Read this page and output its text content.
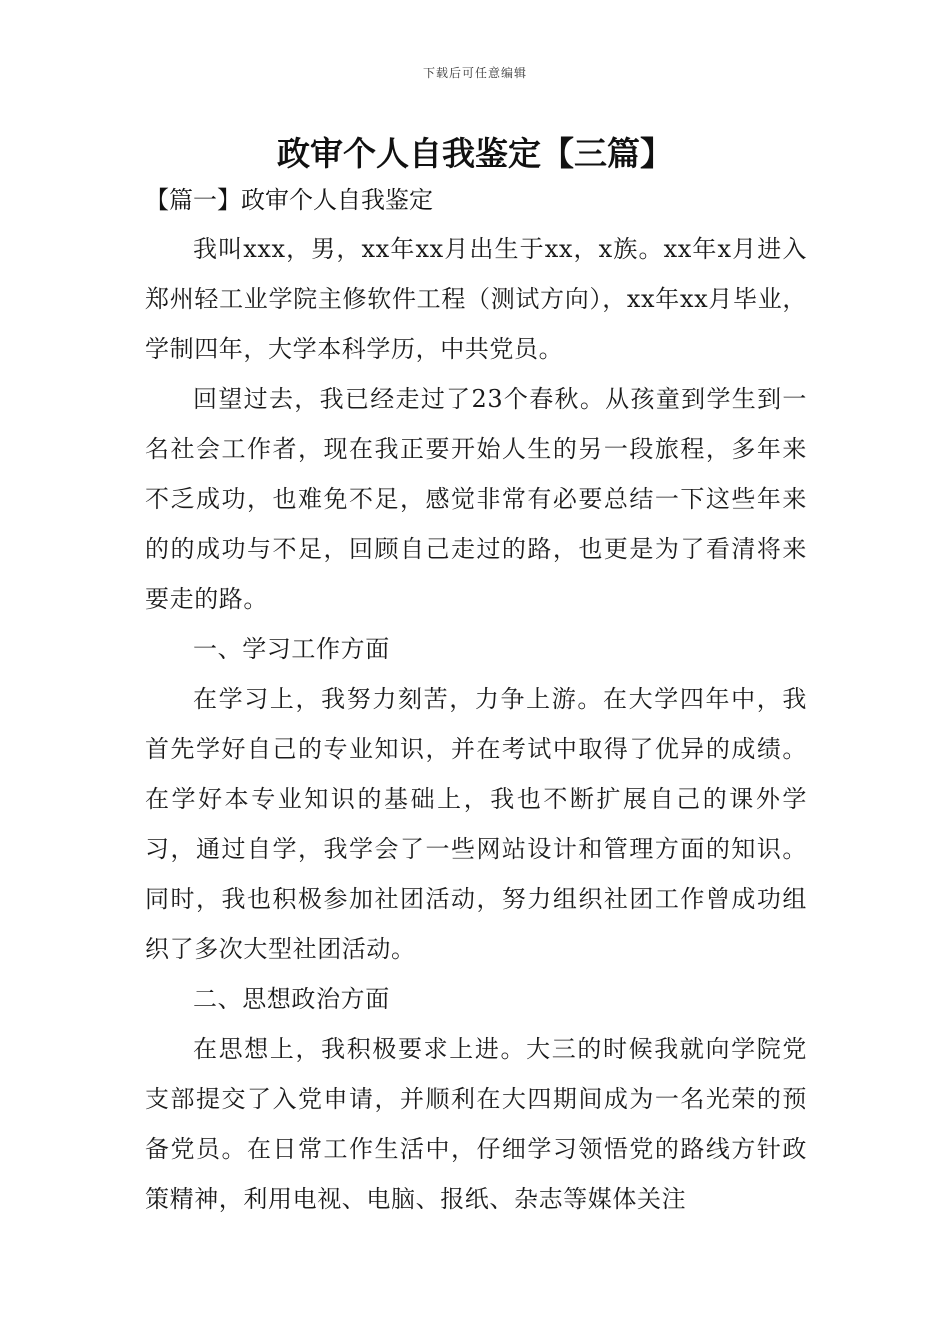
下载后可任意编辑
政审个人自我鉴定【三篇】

【篇一】政审个人自我鉴定

我叫xxx，男，xx年xx月出生于xx，x族。xx年x月进入郑州轻工业学院主修软件工程（测试方向），xx年xx月毕业，学制四年，大学本科学历，中共党员。

回望过去，我已经走过了23个春秋。从孩童到学生到一名社会工作者，现在我正要开始人生的另一段旅程，多年来不乏成功，也难免不足，感觉非常有必要总结一下这些年来的的成功与不足，回顾自己走过的路，也更是为了看清将来要走的路。

一、学习工作方面

在学习上，我努力刻苦，力争上游。在大学四年中，我首先学好自己的专业知识，并在考试中取得了优异的成绩。在学好本专业知识的基础上，我也不断扩展自己的课外学习，通过自学，我学会了一些网站设计和管理方面的知识。同时，我也积极参加社团活动，努力组织社团工作曾成功组织了多次大型社团活动。

二、思想政治方面

在思想上，我积极要求上进。大三的时候我就向学院党支部提交了入党申请，并顺利在大四期间成为一名光荣的预备党员。在日常工作生活中，仔细学习领悟党的路线方针政策精神，利用电视、电脑、报纸、杂志等媒体关注
